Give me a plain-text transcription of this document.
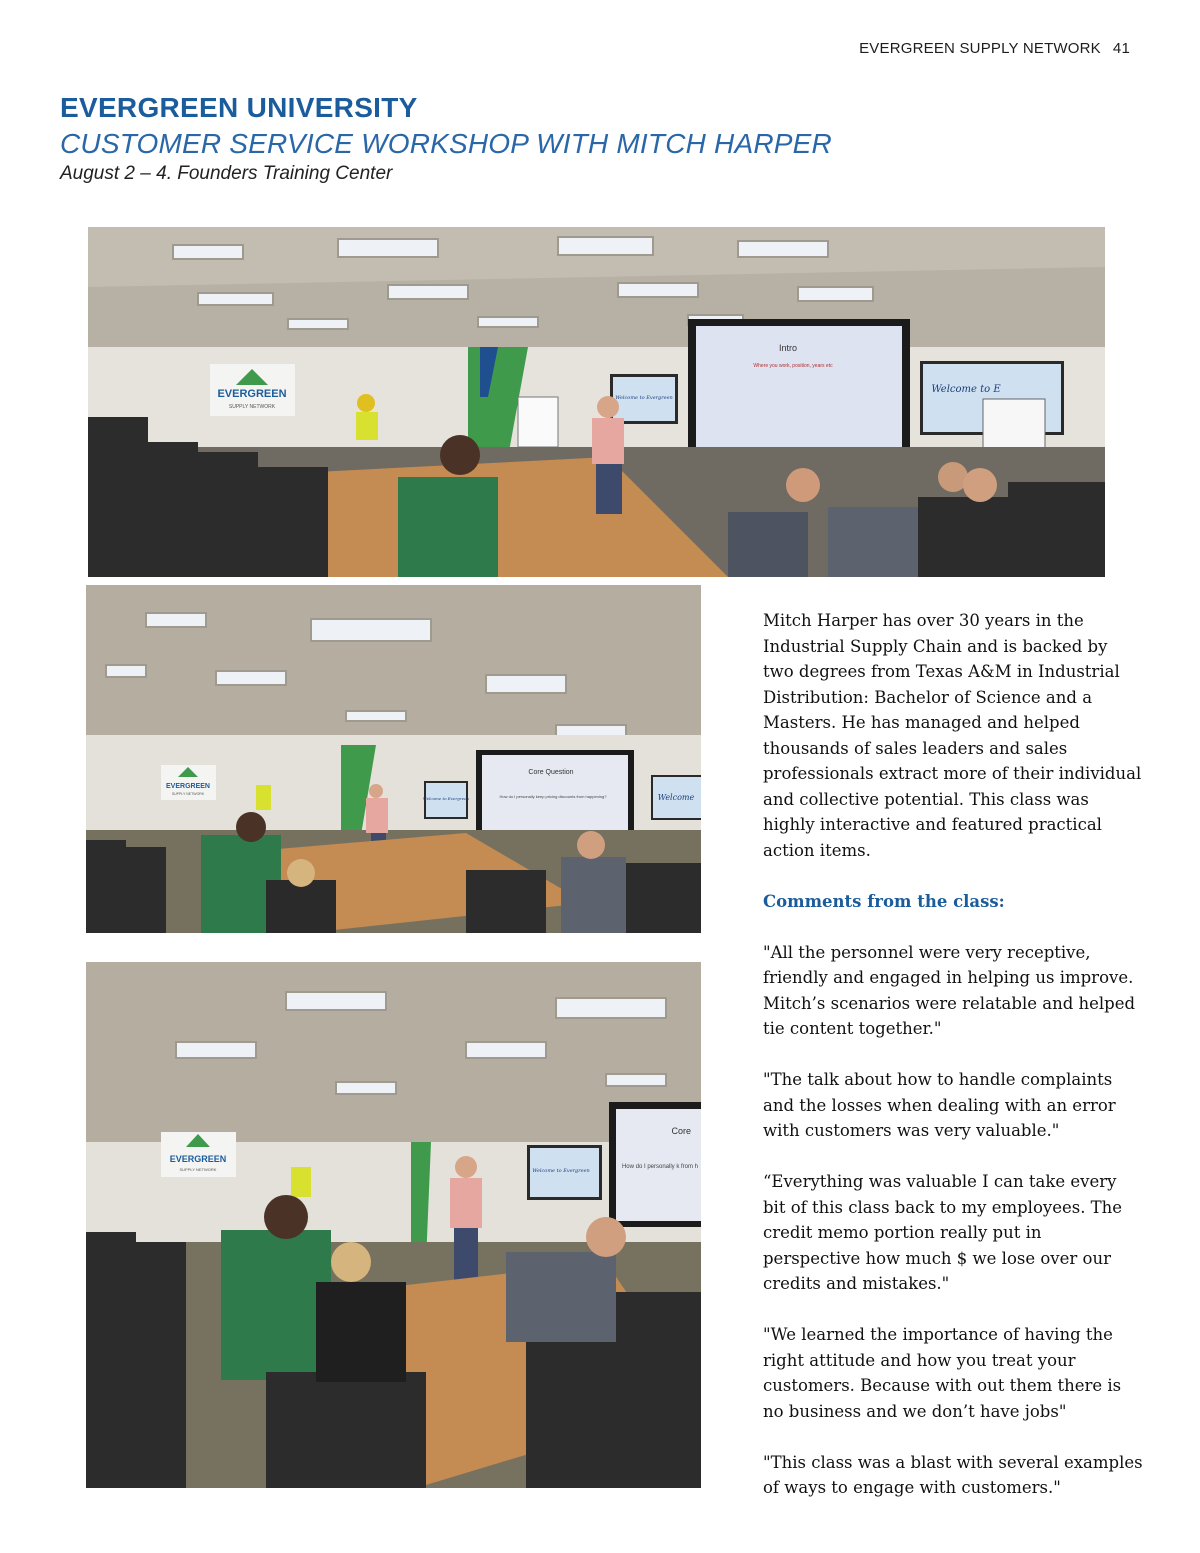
EVERGREEN SUPPLY NETWORK 41
EVERGREEN UNIVERSITY
CUSTOMER SERVICE WORKSHOP WITH MITCH HARPER
August 2 – 4. Founders Training Center
EVERGREEN
SUPPLY NETWORK
Intro
Where you work, position, years etc
Welcome to Evergreen
Welcome to E
EVERGREEN
SUPPLY NETWORK
Core Question
How do I personally keep pricing discounts from happening?
Welcome to Evergreen	Welcome
EVERGREEN
SUPPLY NETWORK	Welcome to Evergreen
Core
How do I personally k from h

Mitch Harper has over 30 years in the Industrial Supply Chain and is backed by two degrees from Texas A&M in Industrial Distribution: Bachelor of Science and a Masters. He has managed and helped thousands of sales leaders and sales professionals extract more of their individual and collective potential. This class was highly interactive and featured practical action items.

Comments from the class:

"All the personnel were very receptive, friendly and engaged in helping us improve. Mitch’s scenarios were relatable and helped tie content together."

"The talk about how to handle complaints and the losses when dealing with an error with customers was very valuable."

“Everything was valuable I can take every bit of this class back to my employees. The credit memo portion really put in perspective how much $ we lose over our credits and mistakes."

"We learned the importance of having the right attitude and how you treat your customers. Because with out them there is no business and we don’t have jobs"

"This class was a blast with several examples of ways to engage with customers."
